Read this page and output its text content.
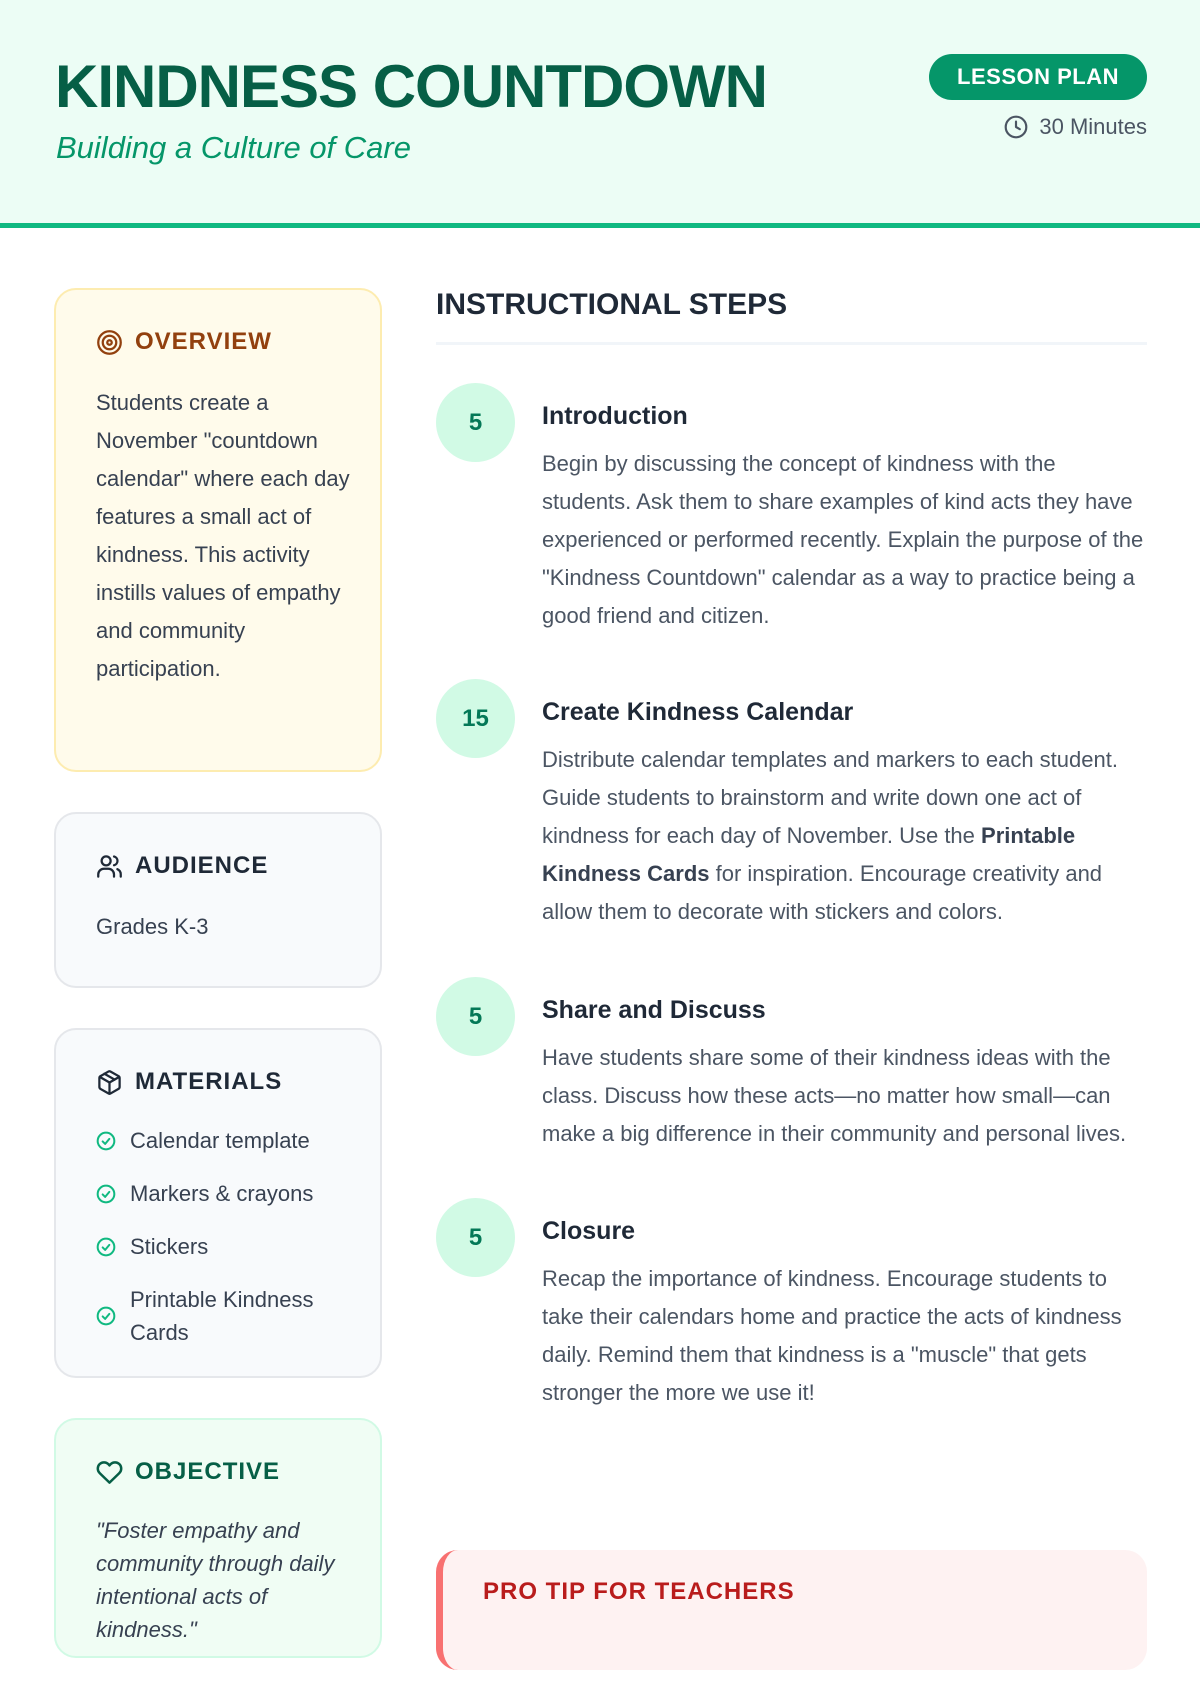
KINDNESS COUNTDOWN

Building a Culture of Care

LESSON PLAN
30 Minutes
OVERVIEW

Students create a November "countdown calendar" where each day features a small act of kindness. This activity instills values of empathy and community participation.

AUDIENCE

Grades K-3

MATERIALS
Calendar template
Markers & crayons
Stickers
Printable Kindness Cards
OBJECTIVE

"Foster empathy and community through daily intentional acts of kindness."

INSTRUCTIONAL STEPS
5	Introduction

Begin by discussing the concept of kindness with the students. Ask them to share examples of kind acts they have experienced or performed recently. Explain the purpose of the "Kindness Countdown" calendar as a way to practice being a good friend and citizen.

15	Create Kindness Calendar

Distribute calendar templates and markers to each student. Guide students to brainstorm and write down one act of kindness for each day of November. Use the Printable Kindness Cards for inspiration. Encourage creativity and allow them to decorate with stickers and colors.

5	Share and Discuss

Have students share some of their kindness ideas with the class. Discuss how these acts—no matter how small—can make a big difference in their community and personal lives.

5	Closure

Recap the importance of kindness. Encourage students to take their calendars home and practice the acts of kindness daily. Remind them that kindness is a "muscle" that gets stronger the more we use it!

PRO TIP FOR TEACHERS
